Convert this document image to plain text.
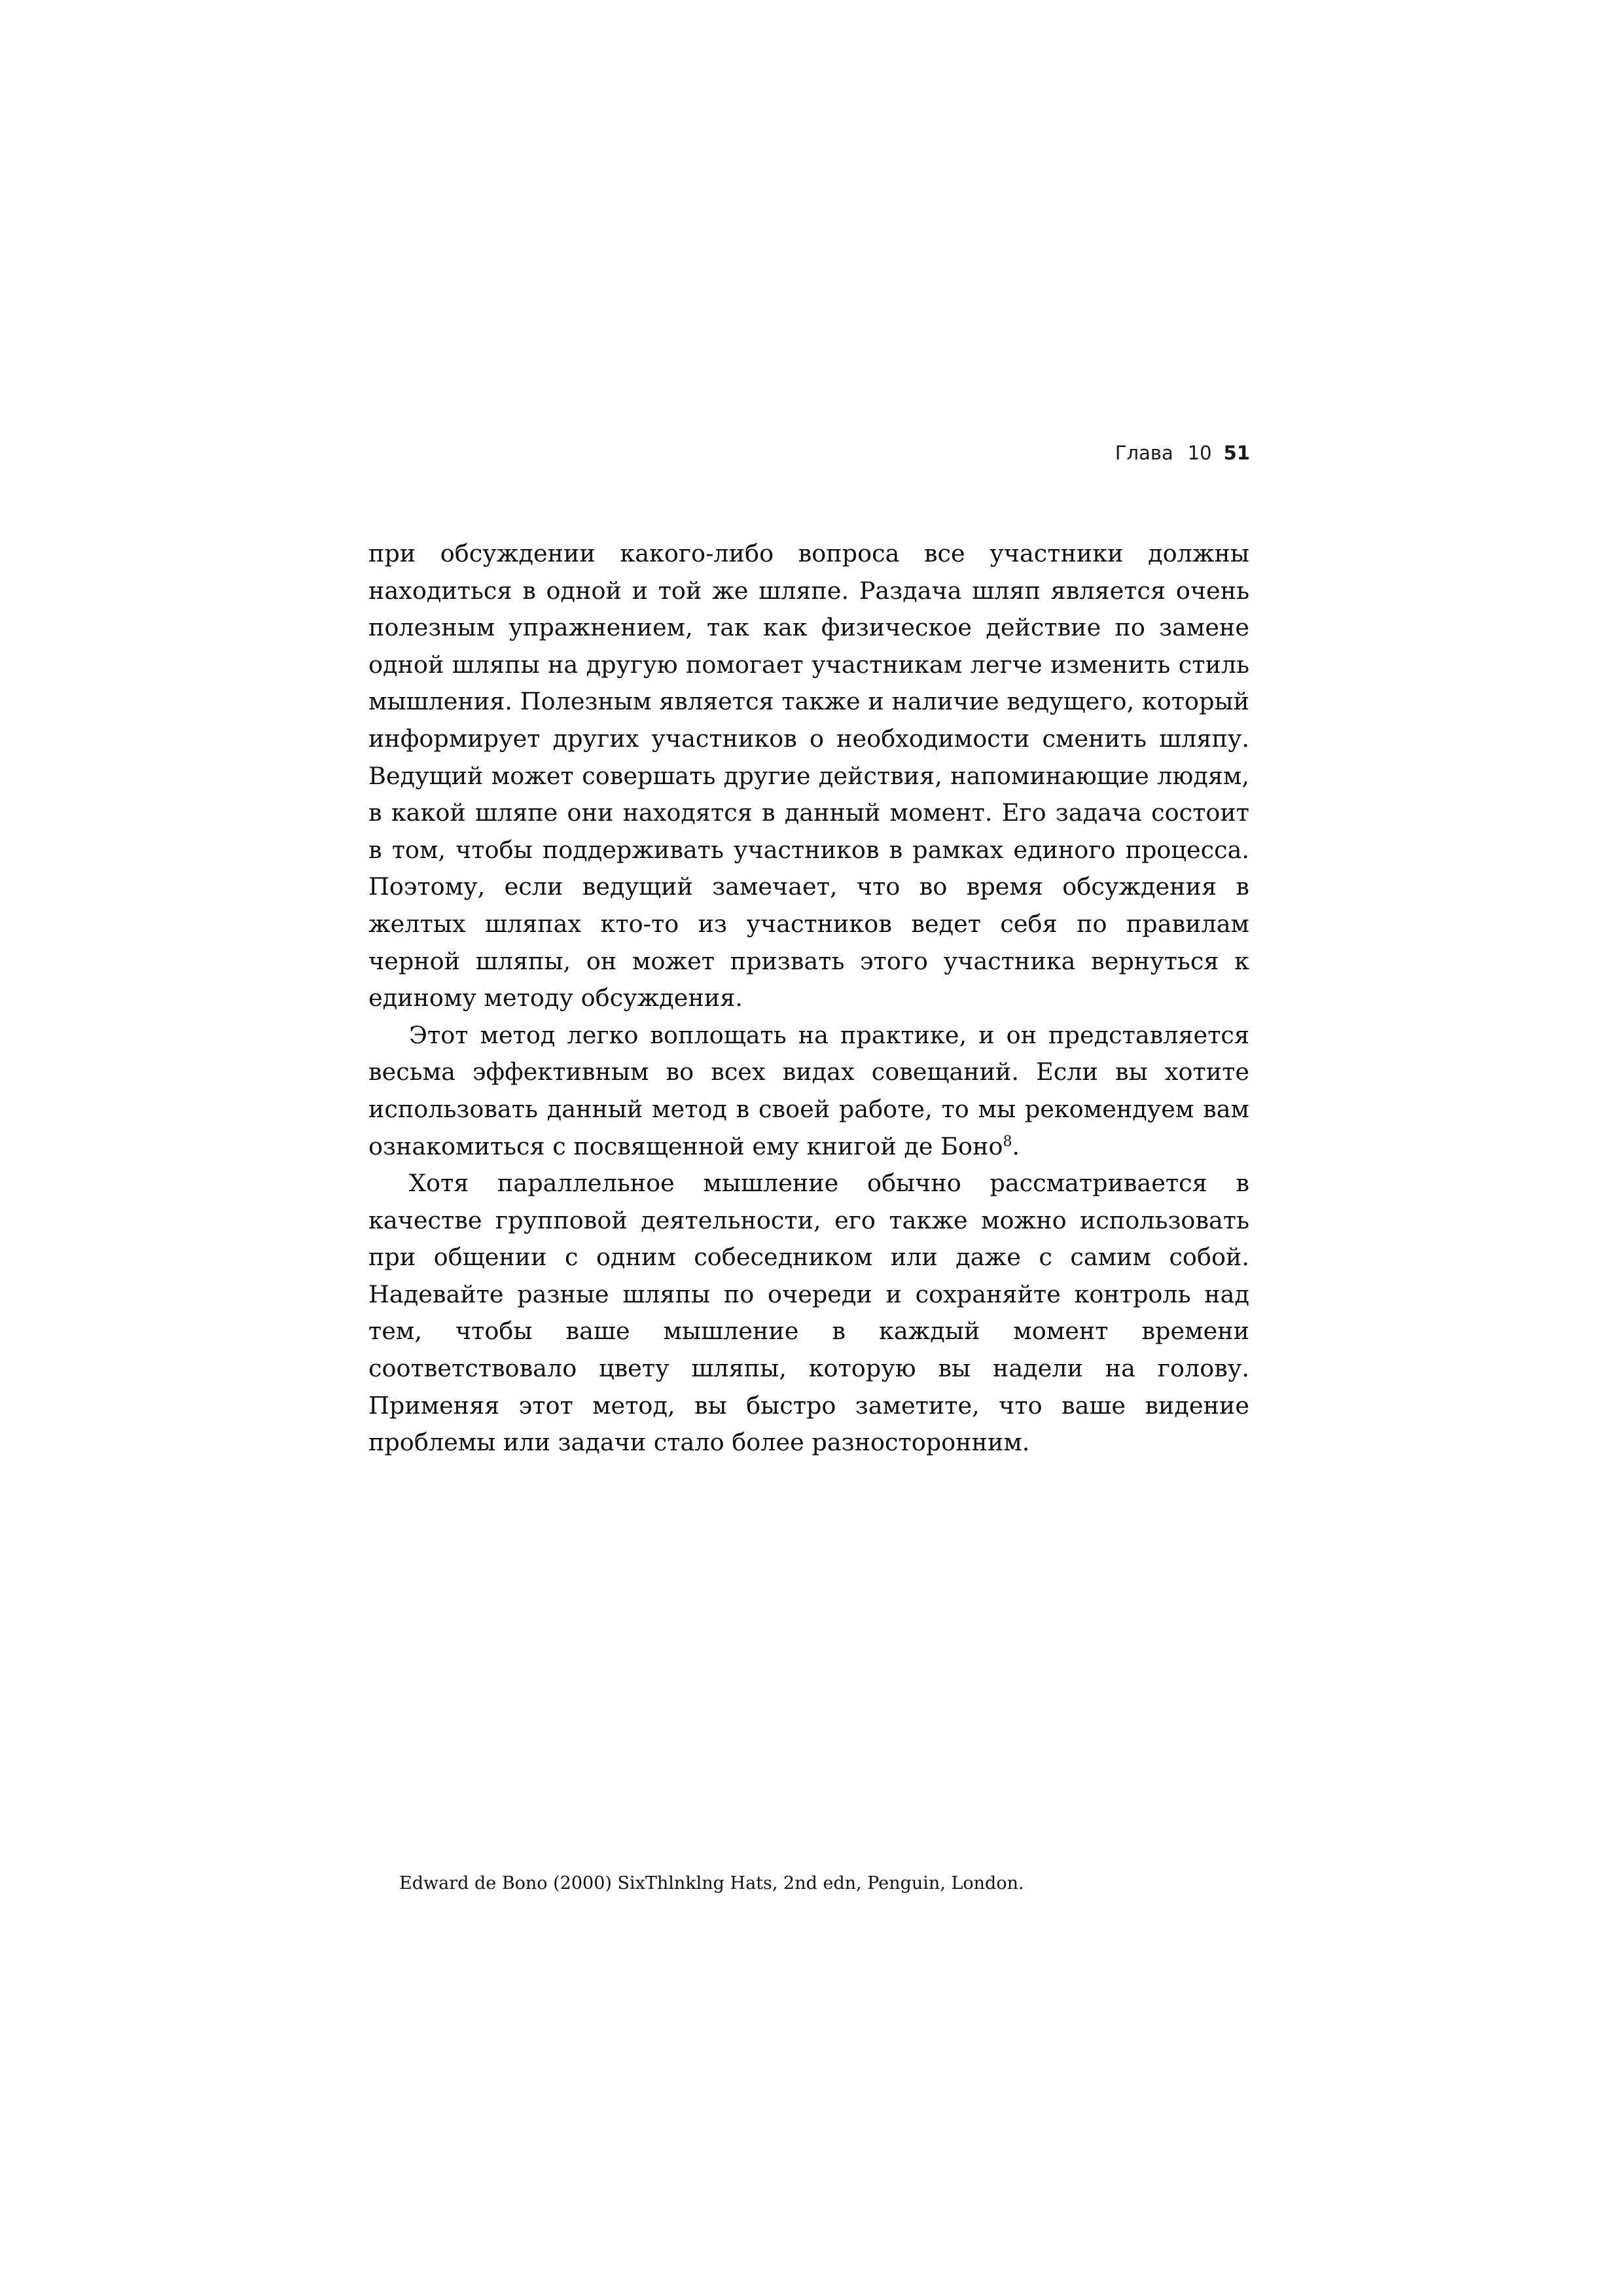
Глава 10 51

при обсуждении какого-либо вопроса все участники должны находиться в одной и той же шляпе. Раздача шляп является очень полезным упражнением, так как физическое действие по замене одной шляпы на другую помогает участникам легче изменить стиль мышления. Полезным является также и наличие ведущего, который информирует других участников о необходимости сменить шляпу. Ведущий может совершать другие действия, напоминающие людям, в какой шляпе они находятся в данный момент. Его задача состоит в том, чтобы поддерживать участников в рамках единого процесса. Поэтому, если ведущий замечает, что во время обсуждения в желтых шляпах кто-то из участников ведет себя по правилам черной шляпы, он может призвать этого участника вернуться к единому методу обсуждения.

Этот метод легко воплощать на практике, и он представляется весьма эффективным во всех видах совещаний. Если вы хотите использовать данный метод в своей работе, то мы рекомендуем вам ознакомиться с посвященной ему книгой де Боно$^8$.

Хотя параллельное мышление обычно рассматривается в качестве групповой деятельности, его также можно использовать при общении с одним собеседником или даже с самим собой. Надевайте разные шляпы по очереди и сохраняйте контроль над тем, чтобы ваше мышление в каждый момент времени соответствовало цвету шляпы, которую вы надели на голову. Применяя этот метод, вы быстро заметите, что ваше видение проблемы или задачи стало более разносторонним.

Edward de Bono (2000) SixThlnklng Hats, 2nd edn, Penguin, London.
